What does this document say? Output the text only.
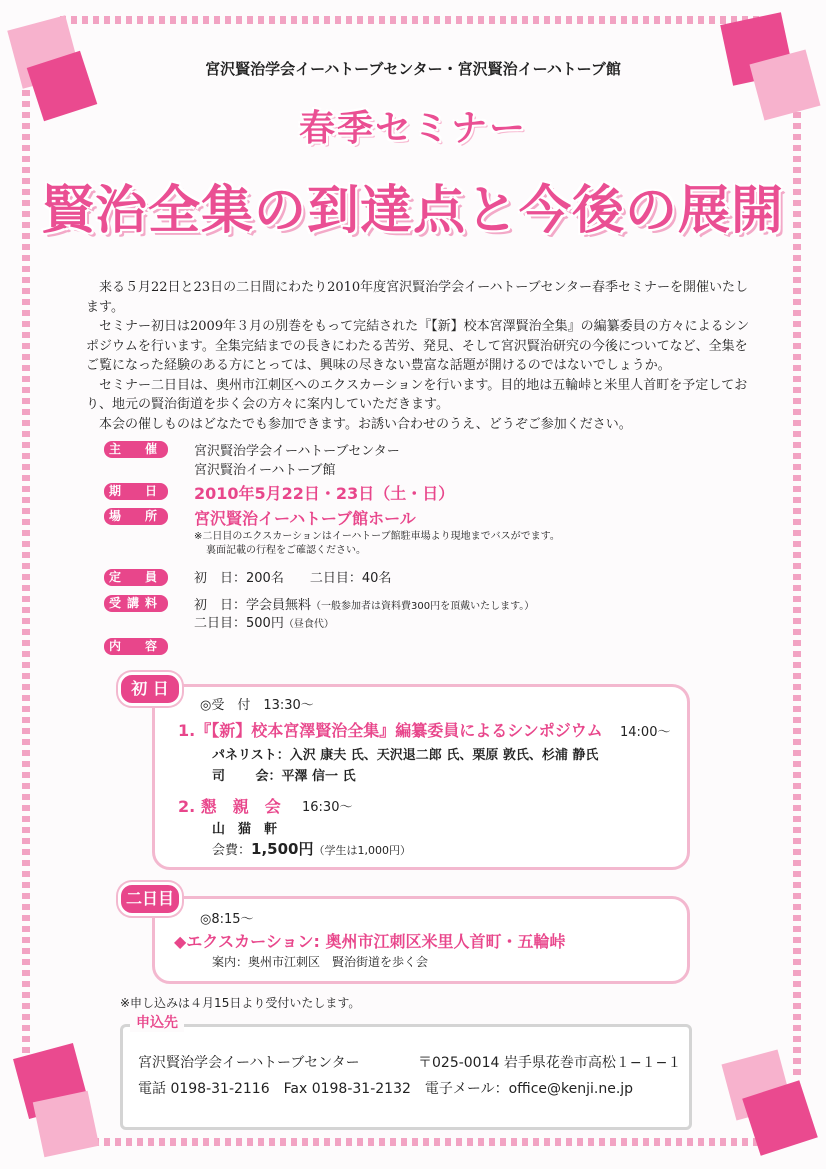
宮沢賢治学会イーハトーブセンター・宮沢賢治イーハトーブ館
春季セミナー
賢治全集の到達点と今後の展開

来る５月22日と23日の二日間にわたり2010年度宮沢賢治学会イーハトーブセンター春季セミナーを開催いたします。

セミナー初日は2009年３月の別巻をもって完結された『【新】校本宮澤賢治全集』の編纂委員の方々によるシンポジウムを行います。全集完結までの長きにわたる苦労、発見、そして宮沢賢治研究の今後についてなど、全集をご覧になった経験のある方にとっては、興味の尽きない豊富な話題が開けるのではないでしょうか。

セミナー二日目は、奥州市江刺区へのエクスカーションを行います。目的地は五輪峠と米里人首町を予定しており、地元の賢治街道を歩く会の方々に案内していただきます。

本会の催しものはどなたでも参加できます。お誘い合わせのうえ、どうぞご参加ください。

主　催	宮沢賢治学会イーハトーブセンター
宮沢賢治イーハトーブ館
期　日	2010年5月22日・23日（土・日）
場　所	宮沢賢治イーハトーブ館ホール
※二日目のエクスカーションはイーハトーブ館駐車場より現地までバスがでます。
裏面記載の行程をご確認ください。
定　員	初　日：200名　　二日目：40名
受講料	初　日：学会員無料（一般参加者は資料費300円を頂戴いたします。）
二日目：500円（昼食代）
内　容
初 日
◎受　付　13:30～
1.『【新】校本宮澤賢治全集』編纂委員によるシンポジウム 14:00～
パネリスト：入沢 康夫 氏、天沢退二郎 氏、栗原 敦氏、杉浦 静氏
司　　 会：平澤 信一 氏
2. 懇　親　会 16:30～
山　猫　軒
会費：1,500円（学生は1,000円）
二日目
◎8:15～
◆エクスカーション: 奥州市江刺区米里人首町・五輪峠
案内：奥州市江刺区　賢治街道を歩く会
※申し込みは４月15日より受付いたします。
申込先
宮沢賢治学会イーハトーブセンター	〒025-0014 岩手県花巻市高松１−１−１
電話 0198-31-2116　Fax 0198-31-2132　電子メール：office@kenji.ne.jp
